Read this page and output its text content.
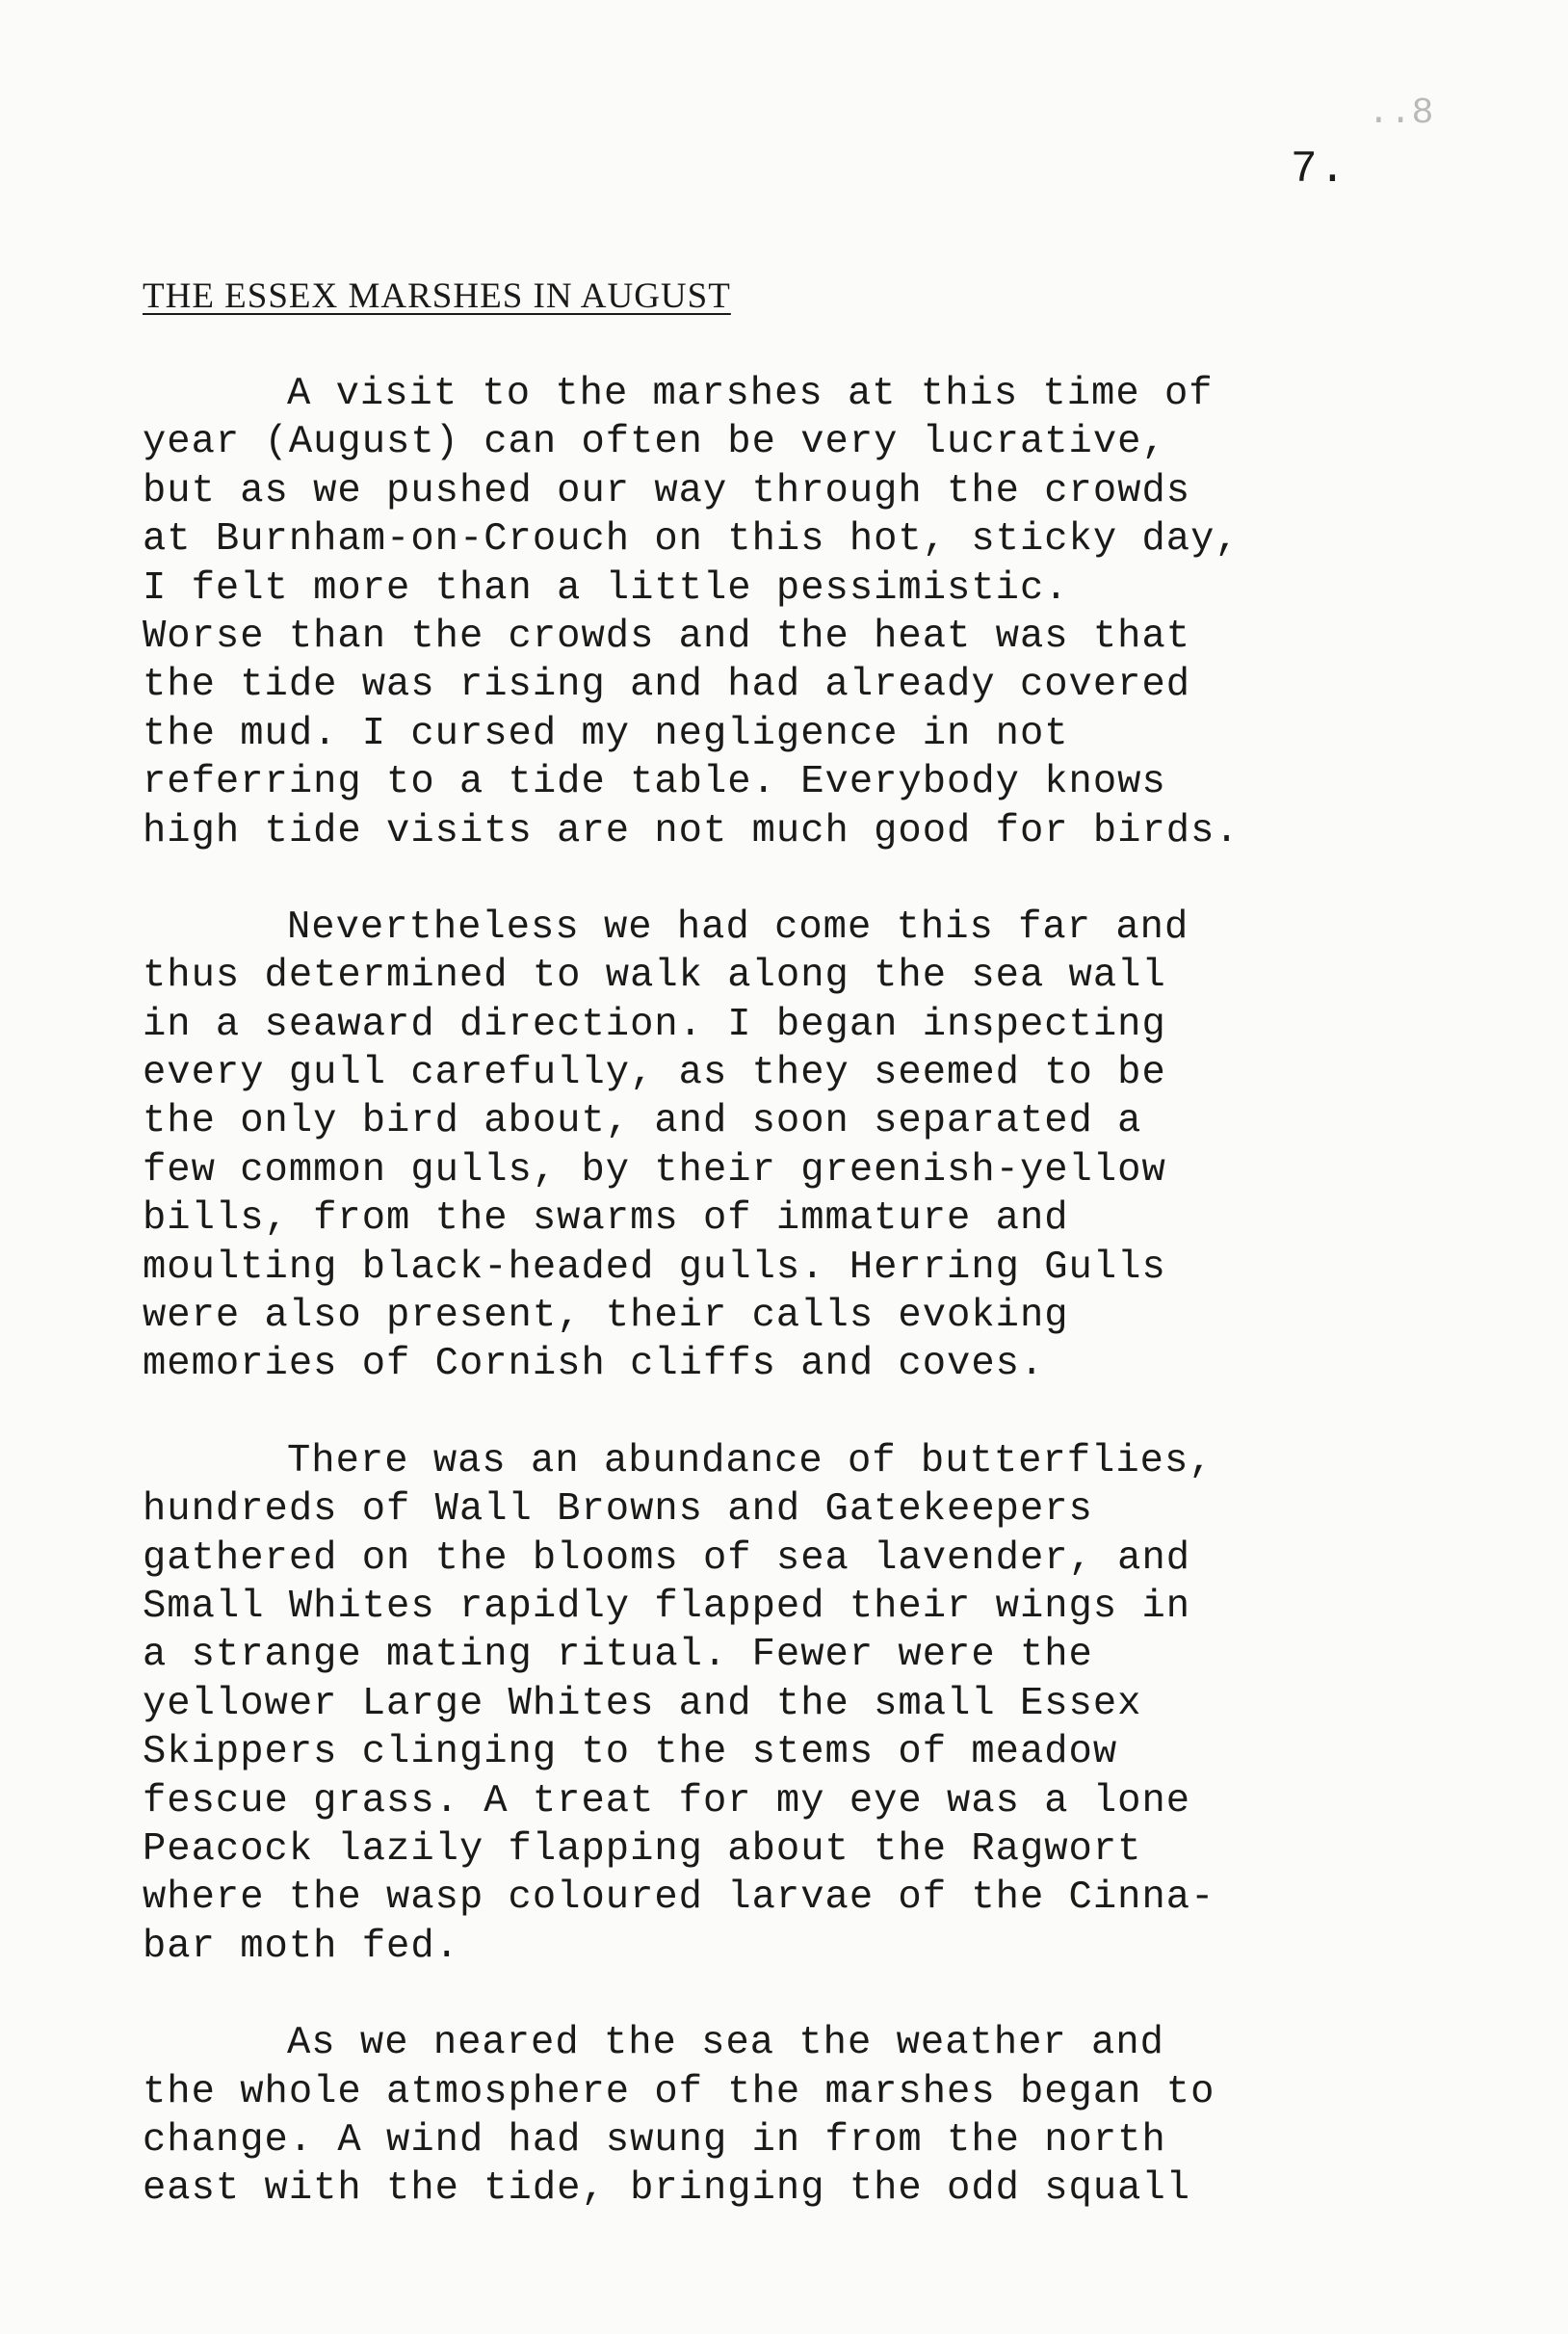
..8
7.
THE ESSEX MARSHES IN AUGUST

A visit to the marshes at this time of
year (August) can often be very lucrative,
but as we pushed our way through the crowds
at Burnham-on-Crouch on this hot, sticky day,
I felt more than a little pessimistic.
Worse than the crowds and the heat was that
the tide was rising and had already covered
the mud. I cursed my negligence in not
referring to a tide table. Everybody knows
high tide visits are not much good for birds.

Nevertheless we had come this far and
thus determined to walk along the sea wall
in a seaward direction. I began inspecting
every gull carefully, as they seemed to be
the only bird about, and soon separated a
few common gulls, by their greenish-yellow
bills, from the swarms of immature and
moulting black-headed gulls. Herring Gulls
were also present, their calls evoking
memories of Cornish cliffs and coves.

There was an abundance of butterflies,
hundreds of Wall Browns and Gatekeepers
gathered on the blooms of sea lavender, and
Small Whites rapidly flapped their wings in
a strange mating ritual. Fewer were the
yellower Large Whites and the small Essex
Skippers clinging to the stems of meadow
fescue grass. A treat for my eye was a lone
Peacock lazily flapping about the Ragwort
where the wasp coloured larvae of the Cinna-
bar moth fed.

As we neared the sea the weather and
the whole atmosphere of the marshes began to
change. A wind had swung in from the north
east with the tide, bringing the odd squall
